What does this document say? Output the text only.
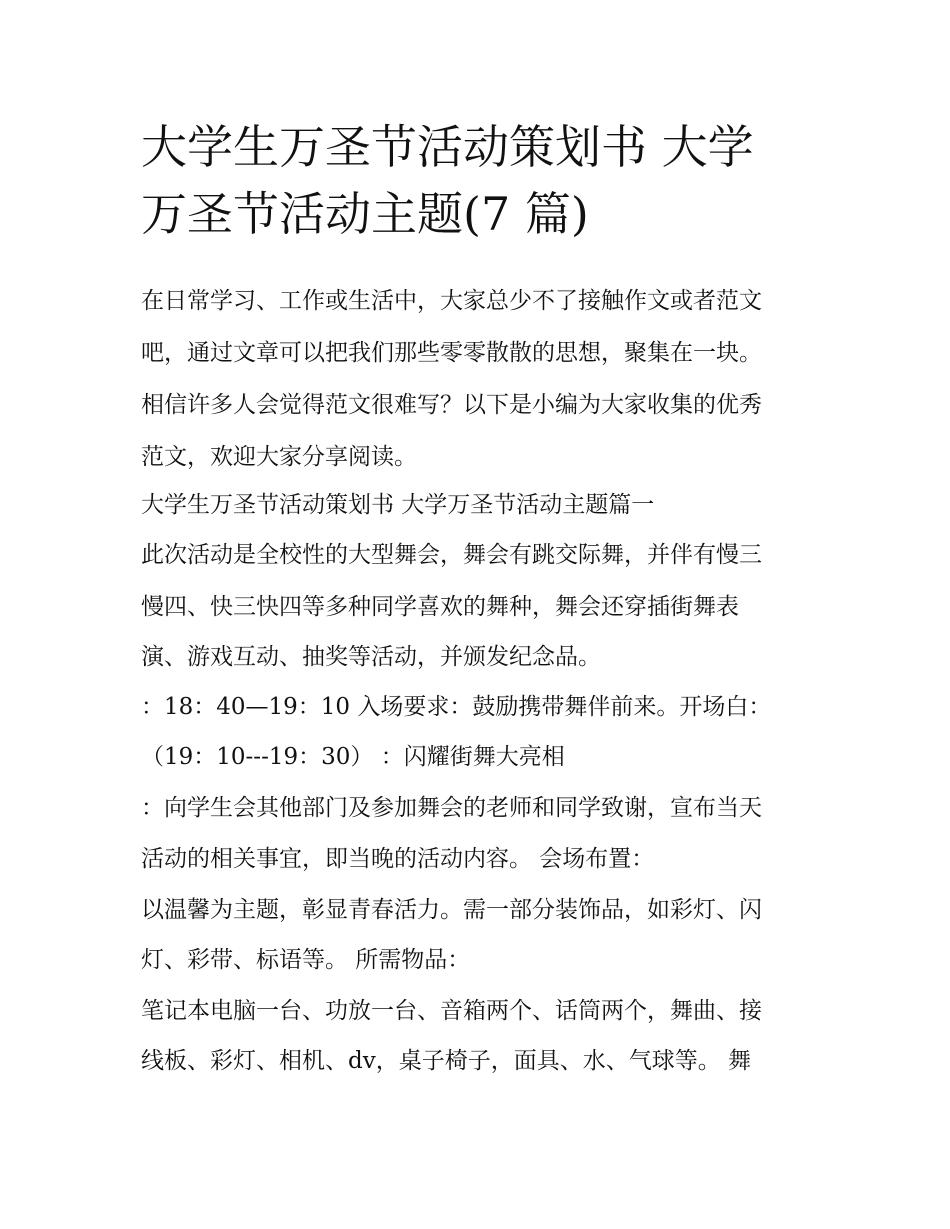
大学生万圣节活动策划书 大学
万圣节活动主题(7 篇)

在日常学习、工作或生活中，大家总少不了接触作文或者范文

吧，通过文章可以把我们那些零零散散的思想，聚集在一块。

相信许多人会觉得范文很难写？以下是小编为大家收集的优秀

范文，欢迎大家分享阅读。

大学生万圣节活动策划书 大学万圣节活动主题篇一

此次活动是全校性的大型舞会，舞会有跳交际舞，并伴有慢三

慢四、快三快四等多种同学喜欢的舞种，舞会还穿插街舞表

演、游戏互动、抽奖等活动，并颁发纪念品。

：18：40—19：10 入场要求：鼓励携带舞伴前来。开场白：

（19：10---19：30） ：闪耀街舞大亮相

：向学生会其他部门及参加舞会的老师和同学致谢，宣布当天

活动的相关事宜，即当晚的活动内容。 会场布置：

以温馨为主题，彰显青春活力。需一部分装饰品，如彩灯、闪

灯、彩带、标语等。 所需物品：

笔记本电脑一台、功放一台、音箱两个、话筒两个，舞曲、接

线板、彩灯、相机、dv，桌子椅子，面具、水、气球等。 舞
